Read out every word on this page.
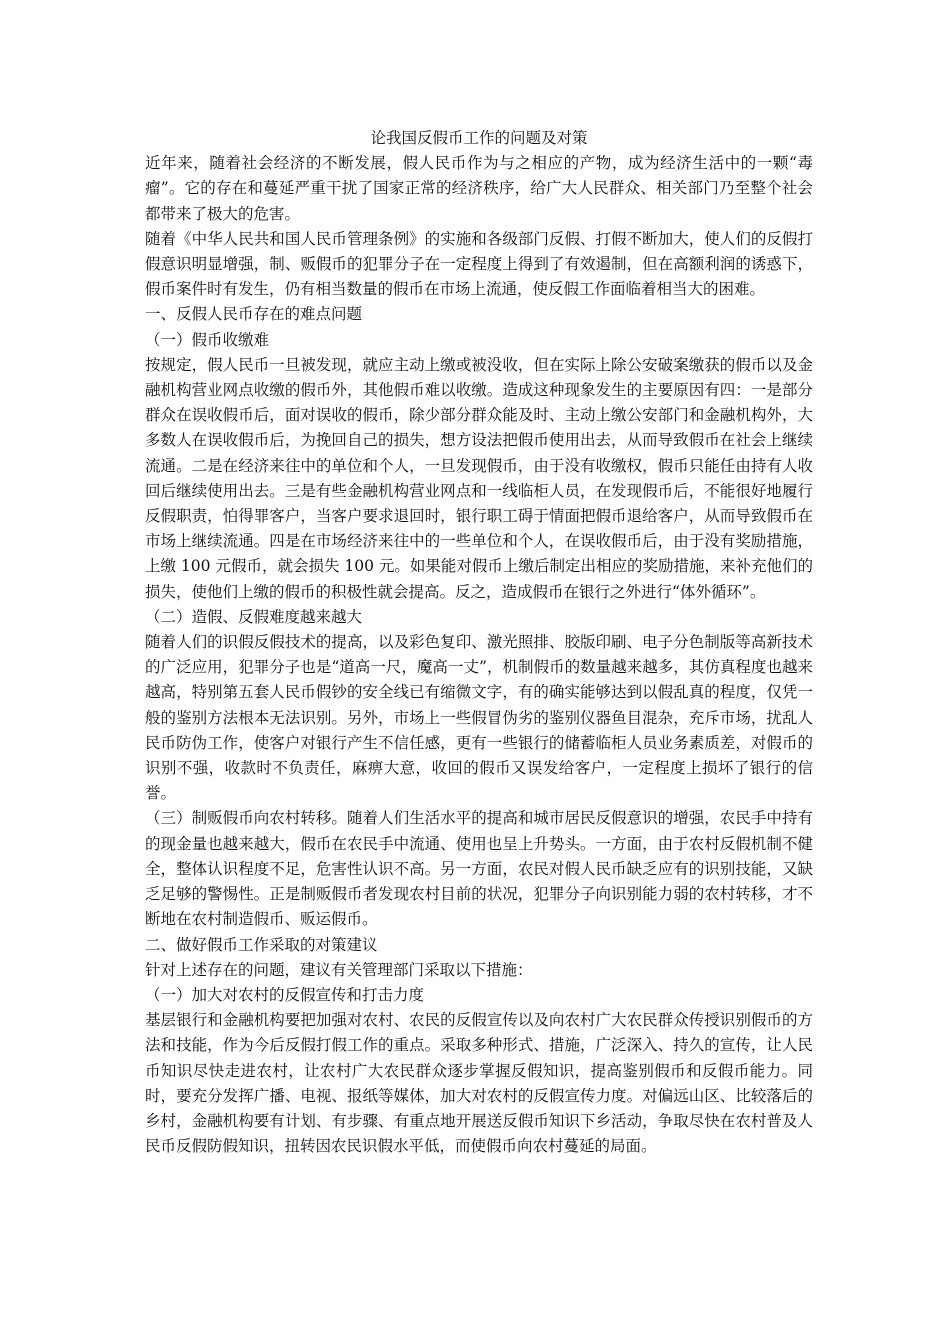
论我国反假币工作的问题及对策

近年来，随着社会经济的不断发展，假人民币作为与之相应的产物，成为经济生活中的一颗“毒瘤”。它的存在和蔓延严重干扰了国家正常的经济秩序，给广大人民群众、相关部门乃至整个社会都带来了极大的危害。

随着《中华人民共和国人民币管理条例》的实施和各级部门反假、打假不断加大，使人们的反假打假意识明显增强，制、贩假币的犯罪分子在一定程度上得到了有效遏制，但在高额利润的诱惑下，假币案件时有发生，仍有相当数量的假币在市场上流通，使反假工作面临着相当大的困难。

一、反假人民币存在的难点问题

（一）假币收缴难

按规定，假人民币一旦被发现，就应主动上缴或被没收，但在实际上除公安破案缴获的假币以及金融机构营业网点收缴的假币外，其他假币难以收缴。造成这种现象发生的主要原因有四：一是部分群众在误收假币后，面对误收的假币，除少部分群众能及时、主动上缴公安部门和金融机构外，大多数人在误收假币后，为挽回自己的损失，想方设法把假币使用出去，从而导致假币在社会上继续流通。二是在经济来往中的单位和个人，一旦发现假币，由于没有收缴权，假币只能任由持有人收回后继续使用出去。三是有些金融机构营业网点和一线临柜人员，在发现假币后，不能很好地履行反假职责，怕得罪客户，当客户要求退回时，银行职工碍于情面把假币退给客户，从而导致假币在市场上继续流通。四是在市场经济来往中的一些单位和个人，在误收假币后，由于没有奖励措施，上缴 100 元假币，就会损失 100 元。如果能对假币上缴后制定出相应的奖励措施，来补充他们的损失，使他们上缴的假币的积极性就会提高。反之，造成假币在银行之外进行“体外循环”。

（二）造假、反假难度越来越大

随着人们的识假反假技术的提高，以及彩色复印、激光照排、胶版印刷、电子分色制版等高新技术的广泛应用，犯罪分子也是“道高一尺，魔高一丈”，机制假币的数量越来越多，其仿真程度也越来越高，特别第五套人民币假钞的安全线已有缩微文字，有的确实能够达到以假乱真的程度，仅凭一般的鉴别方法根本无法识别。另外，市场上一些假冒伪劣的鉴别仪器鱼目混杂，充斥市场，扰乱人民币防伪工作，使客户对银行产生不信任感，更有一些银行的储蓄临柜人员业务素质差，对假币的识别不强，收款时不负责任，麻痹大意，收回的假币又误发给客户，一定程度上损坏了银行的信誉。

（三）制贩假币向农村转移。随着人们生活水平的提高和城市居民反假意识的增强，农民手中持有的现金量也越来越大，假币在农民手中流通、使用也呈上升势头。一方面，由于农村反假机制不健全，整体认识程度不足，危害性认识不高。另一方面，农民对假人民币缺乏应有的识别技能，又缺乏足够的警惕性。正是制贩假币者发现农村目前的状况，犯罪分子向识别能力弱的农村转移，才不断地在农村制造假币、贩运假币。

二、做好假币工作采取的对策建议

针对上述存在的问题，建议有关管理部门采取以下措施：

（一）加大对农村的反假宣传和打击力度

基层银行和金融机构要把加强对农村、农民的反假宣传以及向农村广大农民群众传授识别假币的方法和技能，作为今后反假打假工作的重点。采取多种形式、措施，广泛深入、持久的宣传，让人民币知识尽快走进农村，让农村广大农民群众逐步掌握反假知识，提高鉴别假币和反假币能力。同时，要充分发挥广播、电视、报纸等媒体，加大对农村的反假宣传力度。对偏远山区、比较落后的乡村，金融机构要有计划、有步骤、有重点地开展送反假币知识下乡活动，争取尽快在农村普及人民币反假防假知识，扭转因农民识假水平低，而使假币向农村蔓延的局面。
